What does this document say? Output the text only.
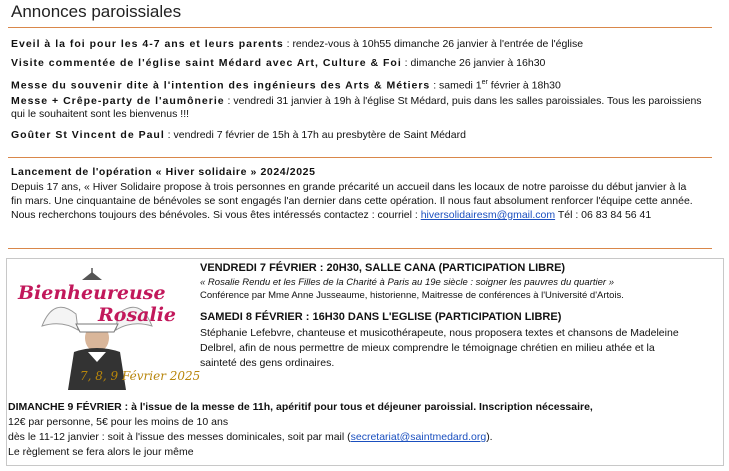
Annonces paroissiales
Eveil à la foi pour les 4-7 ans et leurs parents : rendez-vous à 10h55 dimanche 26 janvier à l'entrée de l'église
Visite commentée de l'église saint Médard avec Art, Culture & Foi : dimanche 26 janvier à 16h30
Messe du souvenir dite à l'intention des ingénieurs des Arts & Métiers : samedi 1er février à 18h30
Messe + Crêpe-party de l'aumônerie : vendredi 31 janvier à 19h à l'église St Médard, puis dans les salles paroissiales. Tous les paroissiens qui le souhaitent sont les bienvenus !!!
Goûter St Vincent de Paul : vendredi 7 février de 15h à 17h au presbytère de Saint Médard
Lancement de l'opération « Hiver solidaire » 2024/2025
Depuis 17 ans, « Hiver Solidaire propose à trois personnes en grande précarité un accueil dans les locaux de notre paroisse du début janvier à la
fin mars. Une cinquantaine de bénévoles se sont engagés l'an dernier dans cette opération. Il nous faut absolument renforcer l'équipe cette année.
Nous recherchons toujours des bénévoles. Si vous êtes intéressés contactez : courriel : hiversolidairesm@gmail.com Tél : 06 83 84 56 41
Bienheureuse
Rosalie
7, 8, 9 Février 2025
VENDREDI 7 FÉVRIER : 20H30, SALLE CANA (PARTICIPATION LIBRE)
« Rosalie Rendu et les Filles de la Charité à Paris au 19e siècle : soigner les pauvres du quartier »
Conférence par Mme Anne Jusseaume, historienne, Maitresse de conférences à l'Université d'Artois.
SAMEDI 8 FÉVRIER : 16H30 DANS L'EGLISE (PARTICIPATION LIBRE)
Stéphanie Lefebvre, chanteuse et musicothérapeute, nous proposera textes et chansons de Madeleine
Delbrel, afin de nous permettre de mieux comprendre le témoignage chrétien en milieu athée et la
sainteté des gens ordinaires.
DIMANCHE 9 FÉVRIER : à l'issue de la messe de 11h, apéritif pour tous et déjeuner paroissial. Inscription nécessaire,
12€ par personne, 5€ pour les moins de 10 ans
dès le 11-12 janvier : soit à l'issue des messes dominicales, soit par mail (secretariat@saintmedard.org).
Le règlement se fera alors le jour même
